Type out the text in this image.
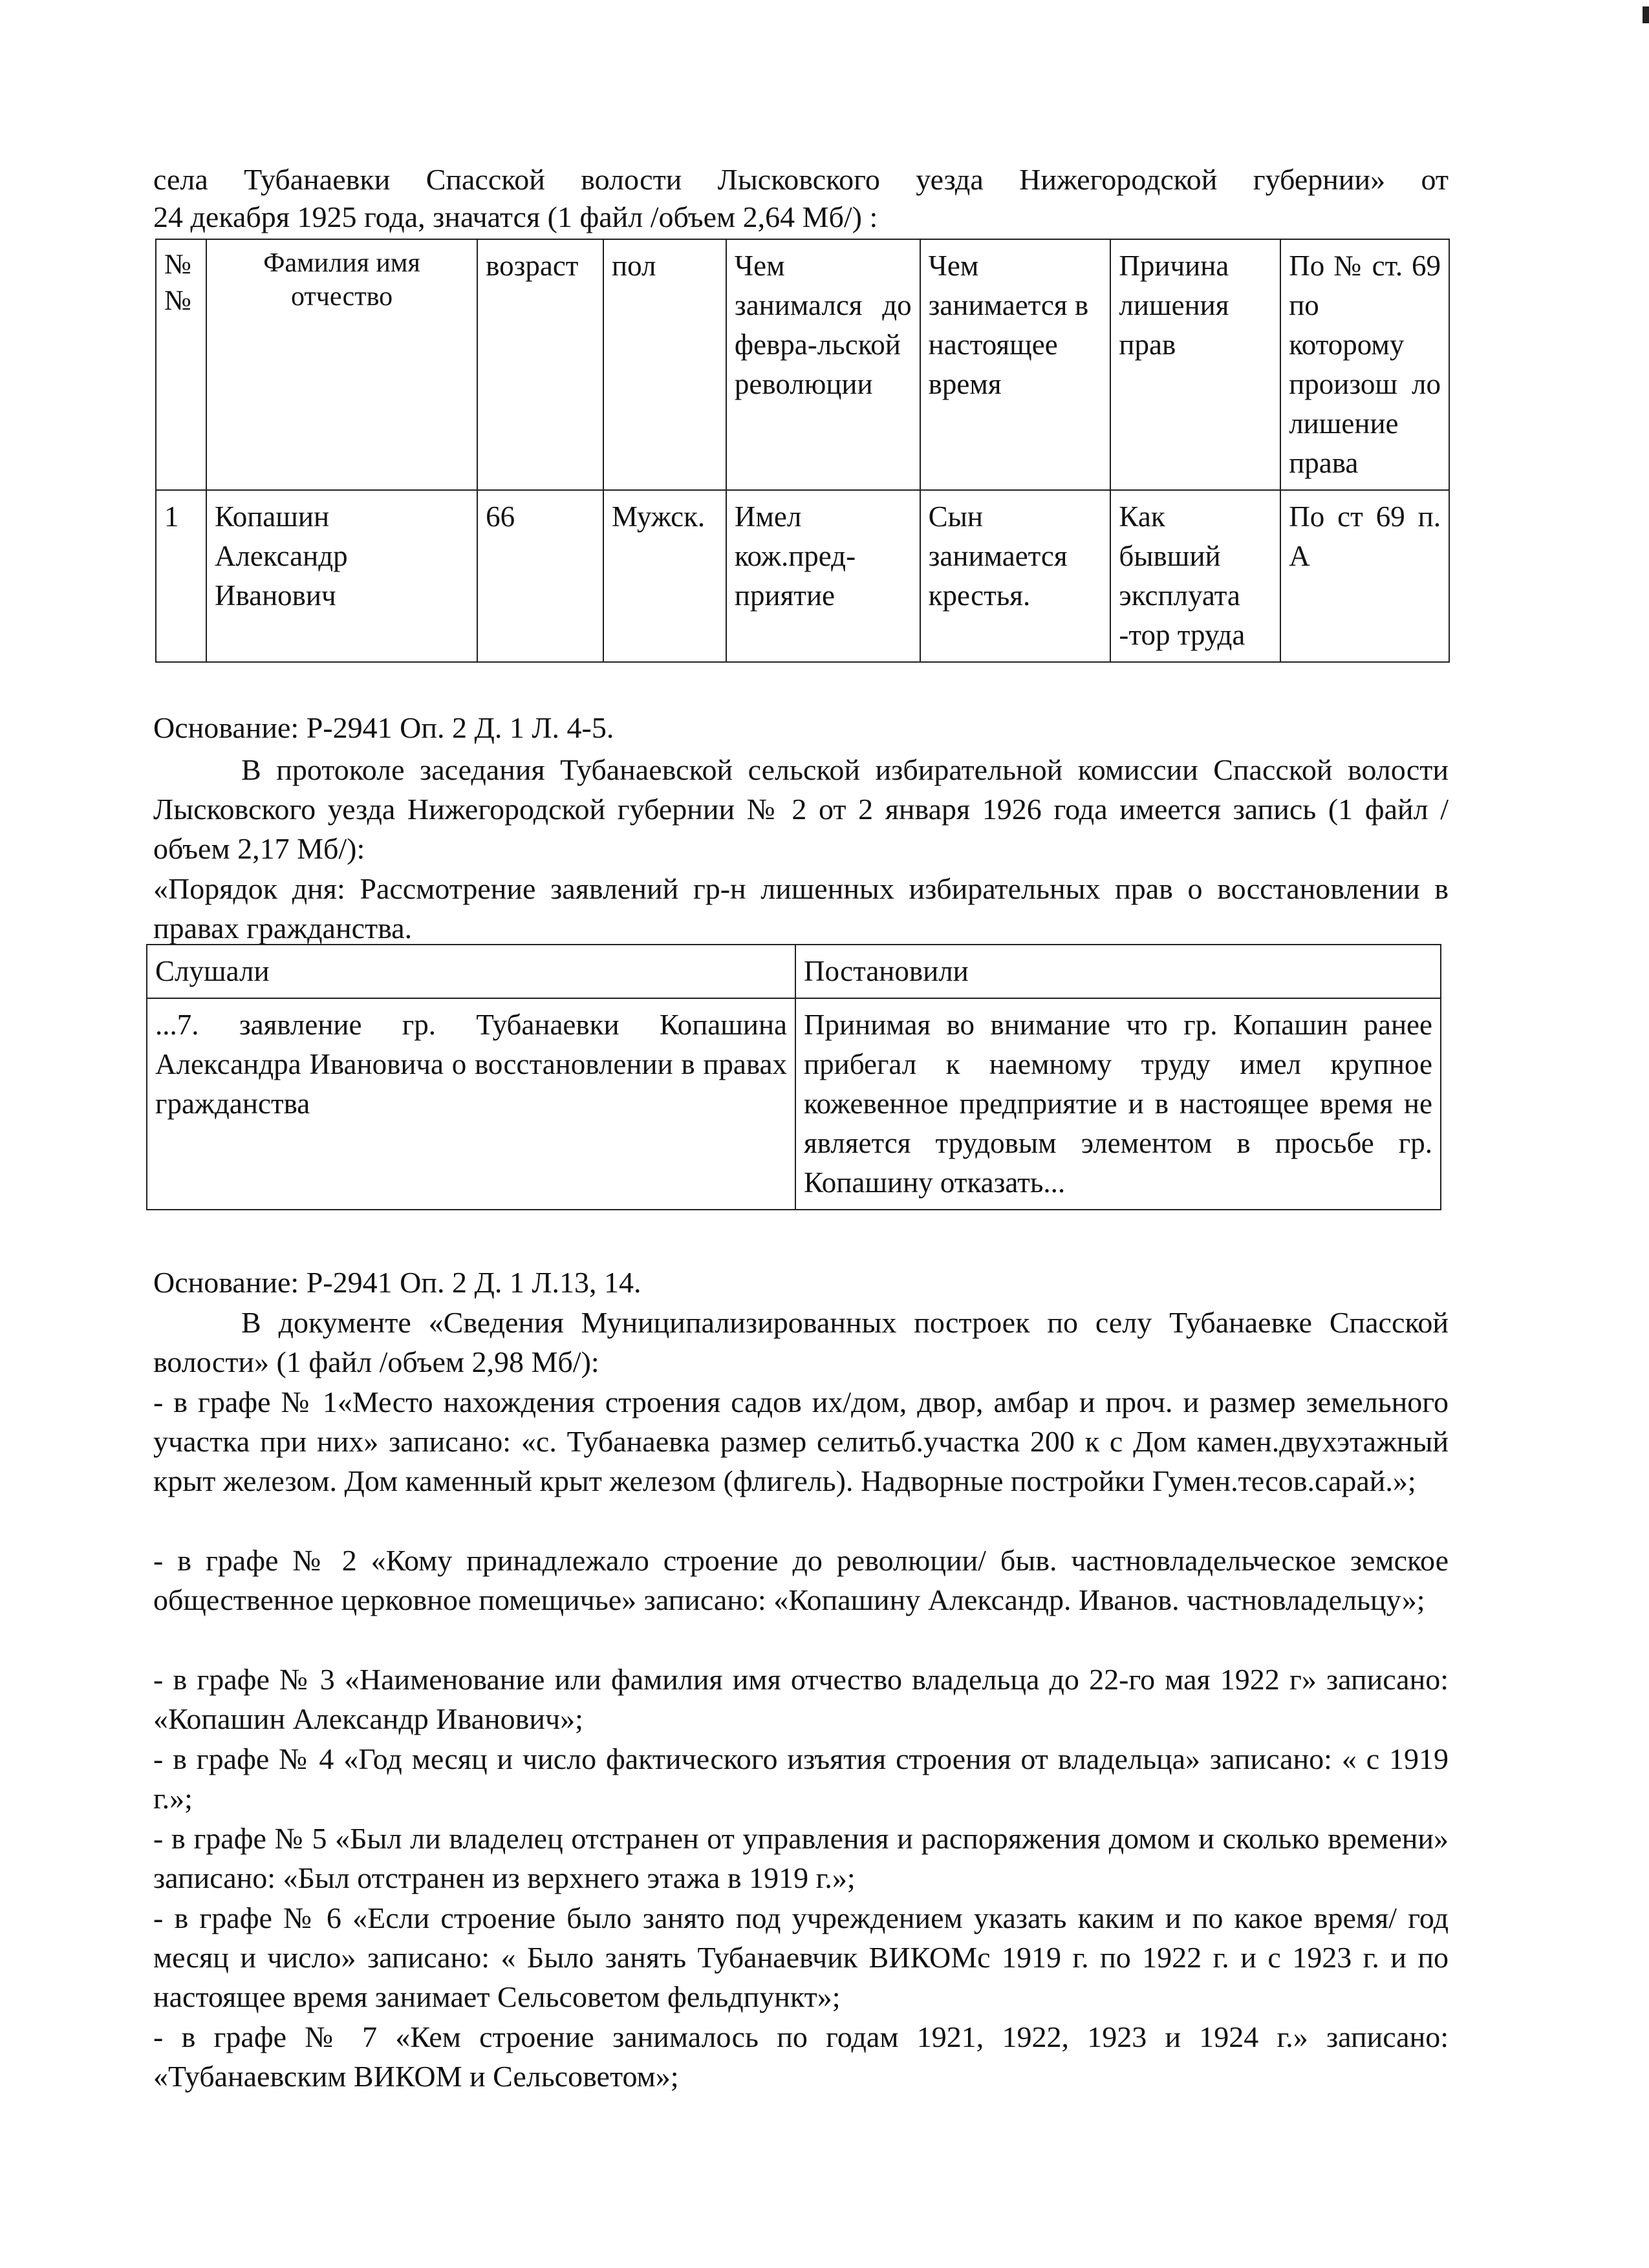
села Тубанаевки Спасской волости Лысковского уезда Нижегородской губернии» от

24 декабря 1925 года, значатся (1 файл /объем 2,64 Мб/) :

№ №	Фамилия имя отчество	возраст	пол	Чем занимался до февра-льской революции	Чем занимается в настоящее время	Причина лишения прав	По № ст. 69 по которому произош ло лишение права
1	Копашин Александр Иванович	66	Мужск.	Имел кож.пред-приятие	Сын занимается крестья.	Как бывший эксплуата -тор труда	По ст 69 п. А

Основание: Р-2941 Оп. 2 Д. 1 Л. 4-5.

В протоколе заседания Тубанаевской сельской избирательной комиссии Спасской волости Лысковского уезда Нижегородской губернии № 2 от 2 января 1926 года имеется запись (1 файл /объем 2,17 Мб/):

«Порядок дня: Рассмотрение заявлений гр-н лишенных избирательных прав о восстановлении в правах гражданства.

Слушали	Постановили
...7. заявление гр. Тубанаевки Копашина Александра Ивановича о восстановлении в правах гражданства	Принимая во внимание что гр. Копашин ранее прибегал к наемному труду имел крупное кожевенное предприятие и в настоящее время не является трудовым элементом в просьбе гр. Копашину отказать...

Основание: Р-2941 Оп. 2 Д. 1 Л.13, 14.

В документе «Сведения Муниципализированных построек по селу Тубанаевке Спасской волости» (1 файл /объем 2,98 Мб/):

- в графе № 1«Место нахождения строения садов их/дом, двор, амбар и проч. и размер земельного участка при них» записано: «с. Тубанаевка размер селитьб.участка 200 к с Дом камен.двухэтажный крыт железом. Дом каменный крыт железом (флигель). Надворные постройки Гумен.тесов.сарай.»;

- в графе № 2 «Кому принадлежало строение до революции/ быв. частновладельческое земское общественное церковное помещичье» записано: «Копашину Александр. Иванов. частновладельцу»;

- в графе № 3 «Наименование или фамилия имя отчество владельца до 22-го мая 1922 г» записано: «Копашин Александр Иванович»;

- в графе № 4 «Год месяц и число фактического изъятия строения от владельца» записано: « с 1919 г.»;

- в графе № 5 «Был ли владелец отстранен от управления и распоряжения домом и сколько времени» записано: «Был отстранен из верхнего этажа в 1919 г.»;

- в графе № 6 «Если строение было занято под учреждением указать каким и по какое время/ год месяц и число» записано: « Было занять Тубанаевчик ВИКОМс 1919 г. по 1922 г. и с 1923 г. и по настоящее время занимает Сельсоветом фельдпункт»;

- в графе № 7 «Кем строение занималось по годам 1921, 1922, 1923 и 1924 г.» записано: «Тубанаевским ВИКОМ и Сельсоветом»;
